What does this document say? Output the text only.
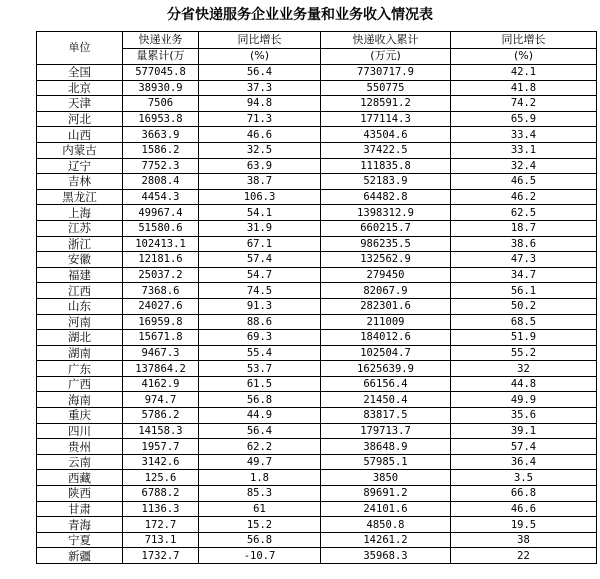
分省快递服务企业业务量和业务收入情况表
单位	快递业务	同比增长	快递收入累计	同比增长
	量累计(万	(%)	(万元)	(%)
全国	577045.8	56.4	7730717.9	42.1
北京	38930.9	37.3	550775	41.8
天津	7506	94.8	128591.2	74.2
河北	16953.8	71.3	177114.3	65.9
山西	3663.9	46.6	43504.6	33.4
内蒙古	1586.2	32.5	37422.5	33.1
辽宁	7752.3	63.9	111835.8	32.4
吉林	2808.4	38.7	52183.9	46.5
黑龙江	4454.3	106.3	64482.8	46.2
上海	49967.4	54.1	1398312.9	62.5
江苏	51580.6	31.9	660215.7	18.7
浙江	102413.1	67.1	986235.5	38.6
安徽	12181.6	57.4	132562.9	47.3
福建	25037.2	54.7	279450	34.7
江西	7368.6	74.5	82067.9	56.1
山东	24027.6	91.3	282301.6	50.2
河南	16959.8	88.6	211009	68.5
湖北	15671.8	69.3	184012.6	51.9
湖南	9467.3	55.4	102504.7	55.2
广东	137864.2	53.7	1625639.9	32
广西	4162.9	61.5	66156.4	44.8
海南	974.7	56.8	21450.4	49.9
重庆	5786.2	44.9	83817.5	35.6
四川	14158.3	56.4	179713.7	39.1
贵州	1957.7	62.2	38648.9	57.4
云南	3142.6	49.7	57985.1	36.4
西藏	125.6	1.8	3850	3.5
陕西	6788.2	85.3	89691.2	66.8
甘肃	1136.3	61	24101.6	46.6
青海	172.7	15.2	4850.8	19.5
宁夏	713.1	56.8	14261.2	38
新疆	1732.7	-10.7	35968.3	22
